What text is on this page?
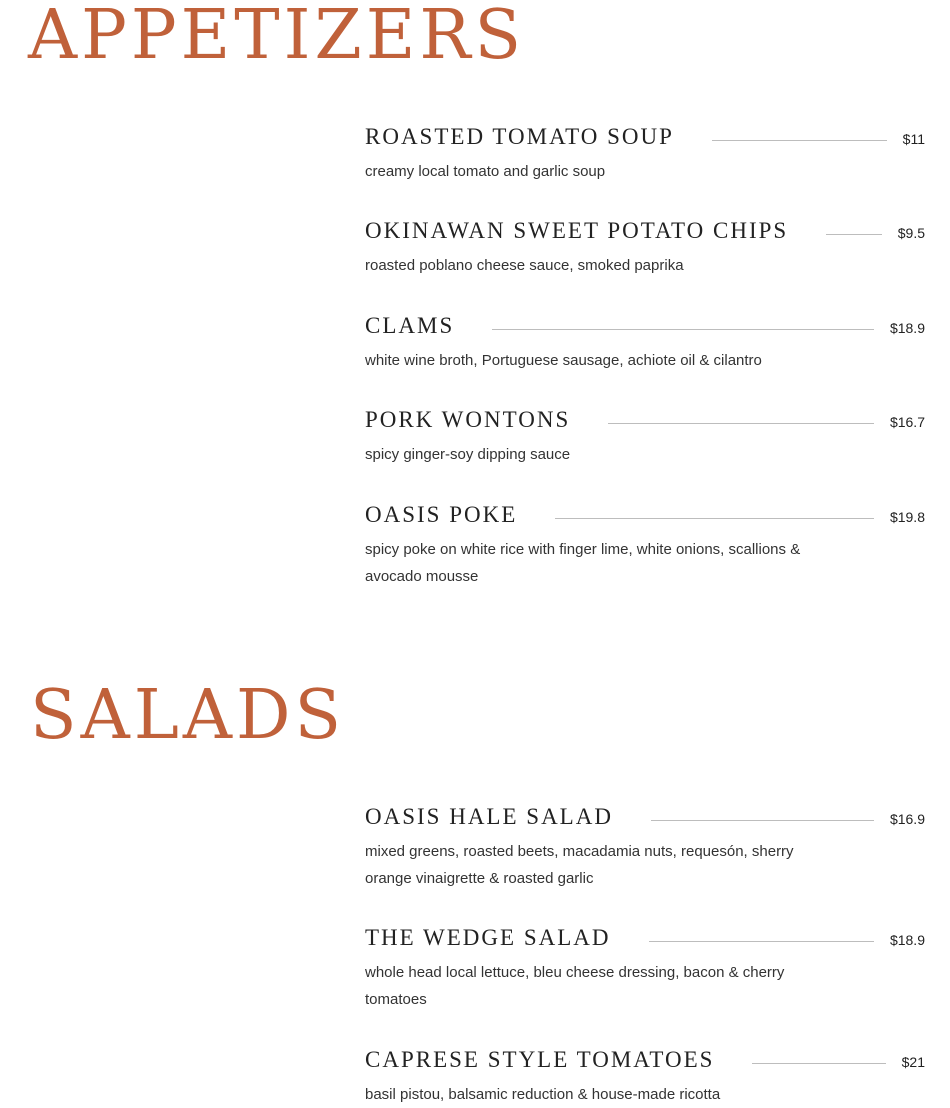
APPETIZERS
ROASTED TOMATO SOUP	$11
creamy local tomato and garlic soup
OKINAWAN SWEET POTATO CHIPS	$9.5
roasted poblano cheese sauce, smoked paprika
CLAMS	$18.9
white wine broth, Portuguese sausage, achiote oil & cilantro
PORK WONTONS	$16.7
spicy ginger-soy dipping sauce
OASIS POKE	$19.8
spicy poke on white rice with finger lime, white onions, scallions & avocado mousse
SALADS
OASIS HALE SALAD	$16.9
mixed greens, roasted beets, macadamia nuts, requesón, sherry orange vinaigrette & roasted garlic
THE WEDGE SALAD	$18.9
whole head local lettuce, bleu cheese dressing, bacon & cherry tomatoes
CAPRESE STYLE TOMATOES	$21
basil pistou, balsamic reduction & house-made ricotta
